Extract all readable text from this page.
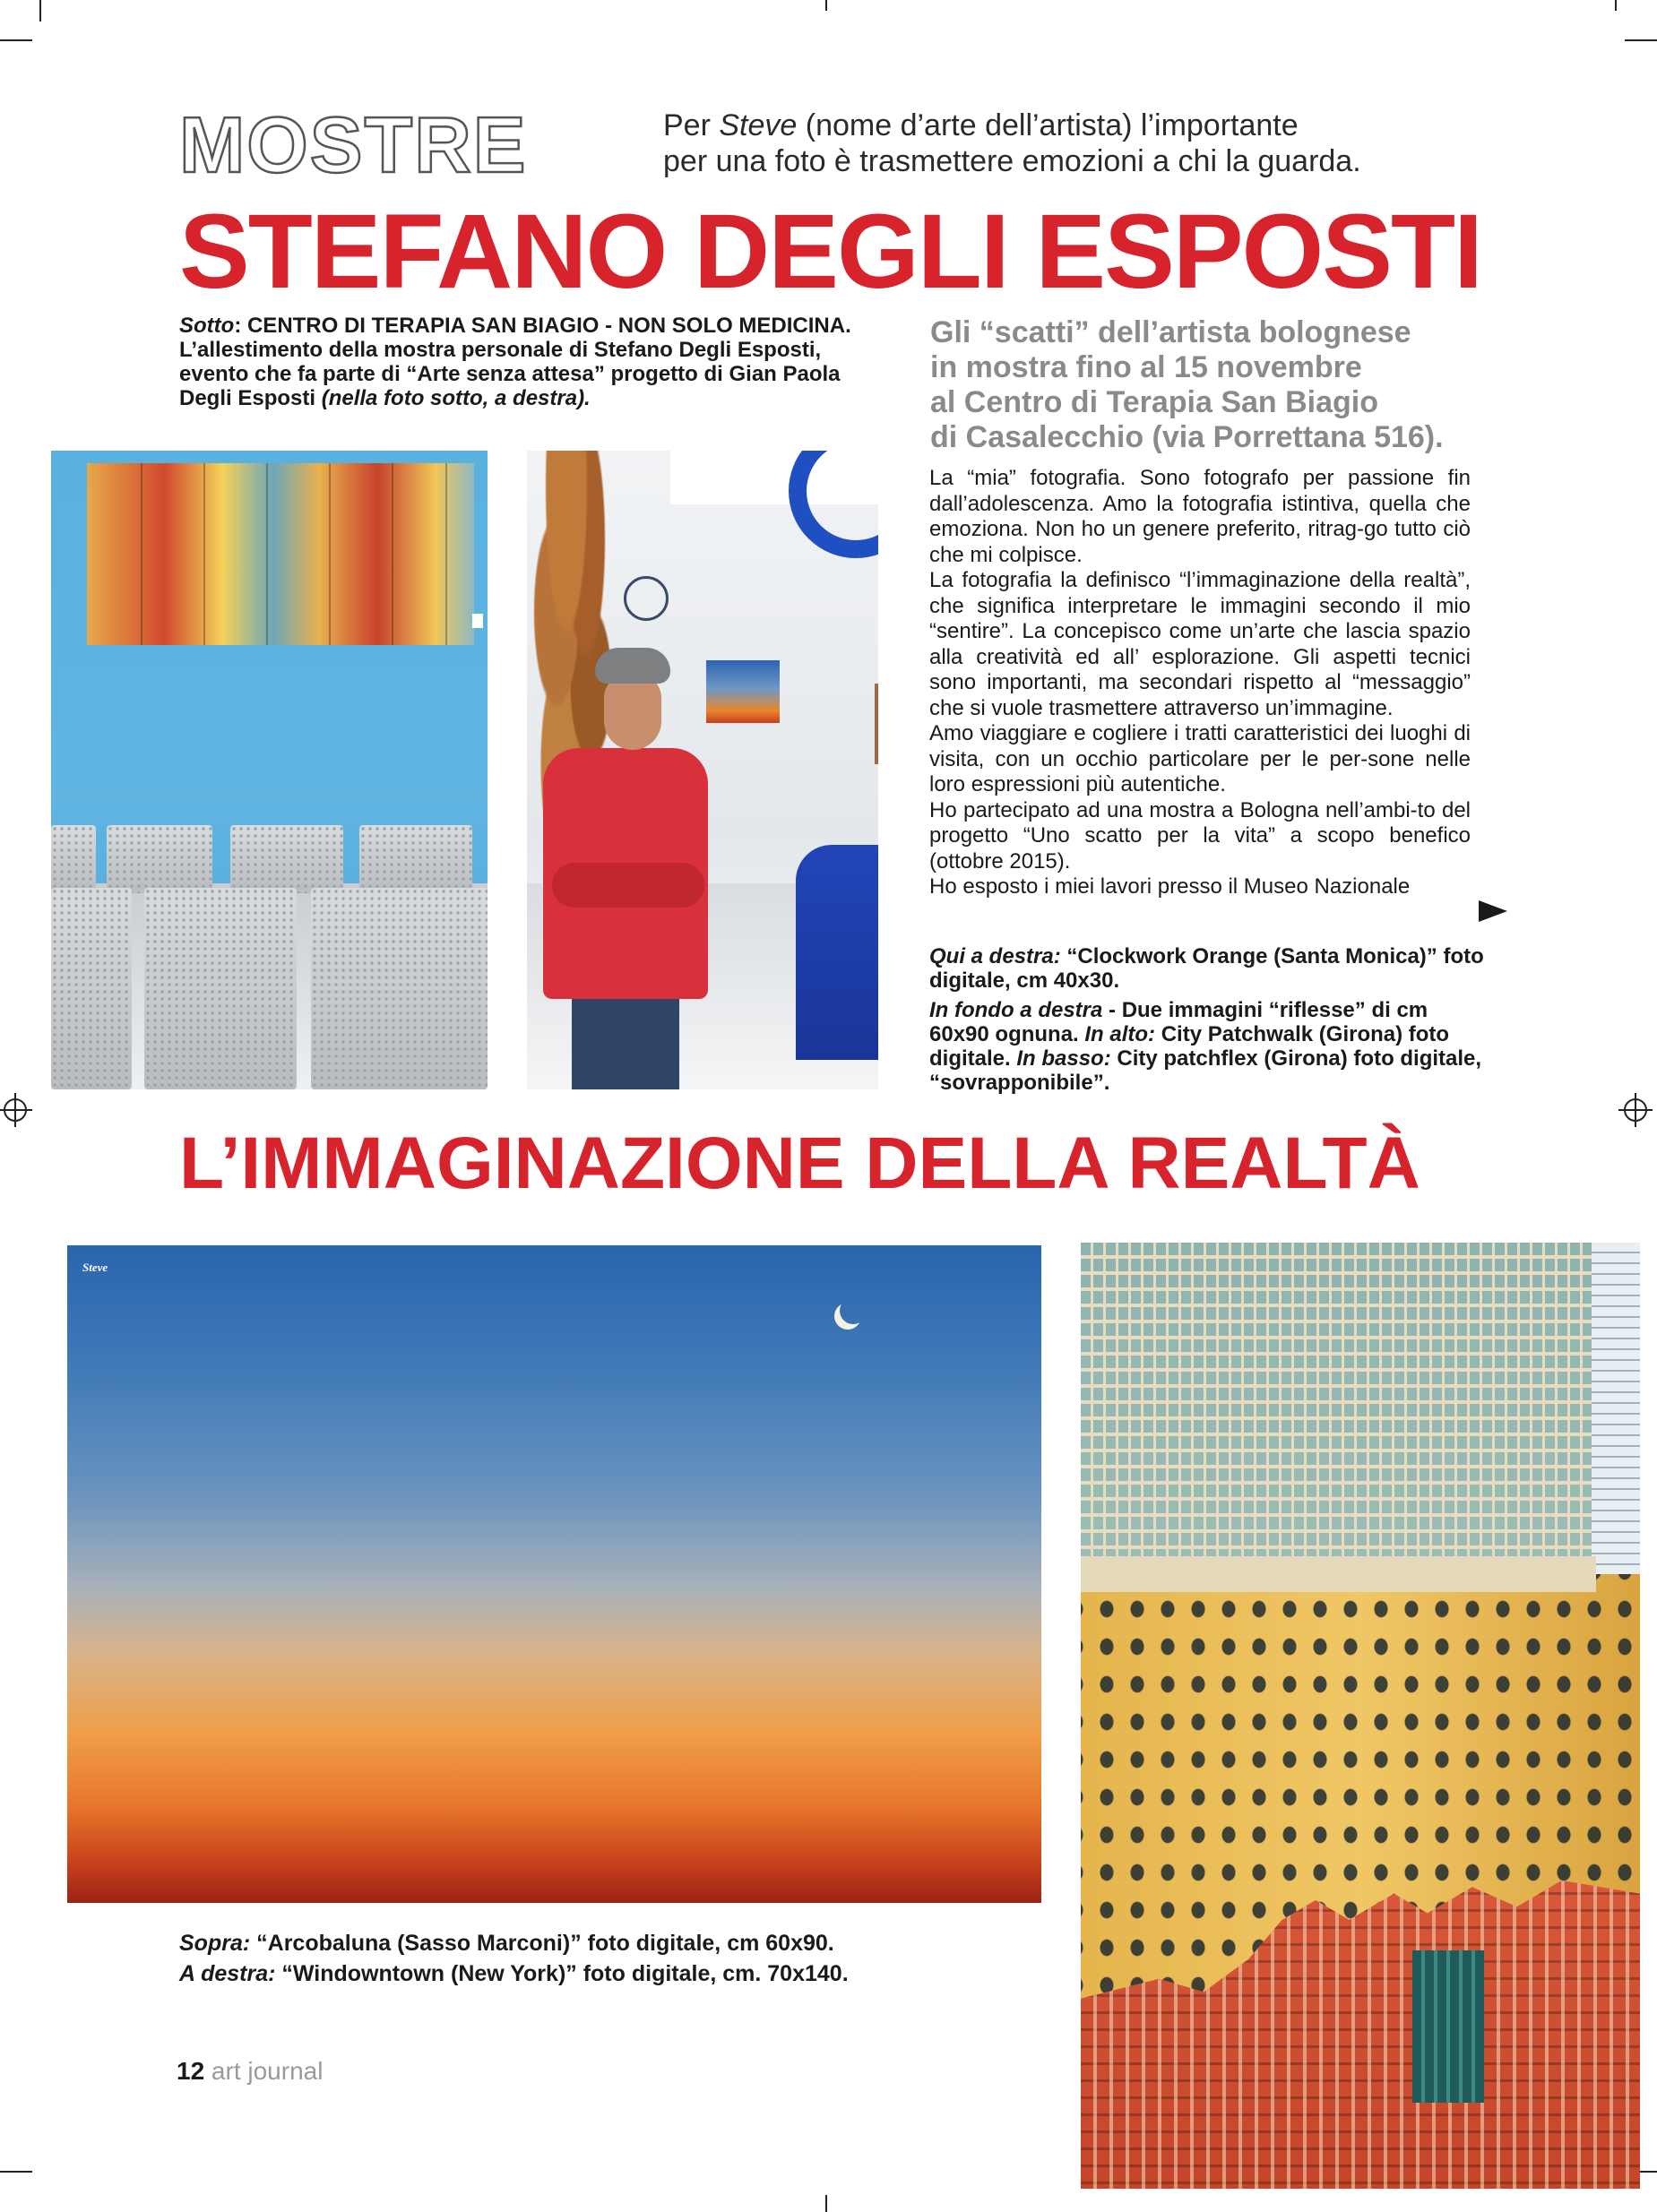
MOSTRE	Per Steve (nome d’arte dell’artista) l’importante
per una foto è trasmettere emozioni a chi la guarda.
STEFANO DEGLI ESPOSTI
Sotto: CENTRO DI TERAPIA SAN BIAGIO - NON SOLO MEDICINA.
L’allestimento della mostra personale di Stefano Degli Esposti, evento che fa parte di “Arte senza attesa” progetto di Gian Paola Degli Esposti (nella foto sotto, a destra).
Gli “scatti” dell’artista bolognese
in mostra fino al 15 novembre
al Centro di Terapia San Biagio
di Casalecchio (via Porrettana 516).

La “mia” fotografia. Sono fotografo per passione fin dall’adolescenza. Amo la fotografia istintiva, quella che emoziona. Non ho un genere preferito, ritrag-go tutto ciò che mi colpisce.

La fotografia la definisco “l’immaginazione della realtà”, che significa interpretare le immagini secondo il mio “sentire”. La concepisco come un’arte che lascia spazio alla creatività ed all’ esplorazione. Gli aspetti tecnici sono importanti, ma secondari rispetto al “messaggio” che si vuole trasmettere attraverso un’immagine.

Amo viaggiare e cogliere i tratti caratteristici dei luoghi di visita, con un occhio particolare per le per-sone nelle loro espressioni più autentiche.

Ho partecipato ad una mostra a Bologna nell’ambi-to del progetto “Uno scatto per la vita” a scopo benefico (ottobre 2015).

Ho esposto i miei lavori presso il Museo Nazionale

Qui a destra: “Clockwork Orange (Santa Monica)” foto digitale, cm 40x30.

In fondo a destra - Due immagini “riflesse” di cm 60x90 ognuna. In alto: City Patchwalk (Girona) foto digitale. In basso: City patchflex (Girona) foto digitale, “sovrapponibile”.

L’IMMAGINAZIONE DELLA REALTÀ
Steve
Sopra: “Arcobaluna (Sasso Marconi)” foto digitale, cm 60x90.
A destra: “Windowntown (New York)” foto digitale, cm. 70x140.
12 art journal
